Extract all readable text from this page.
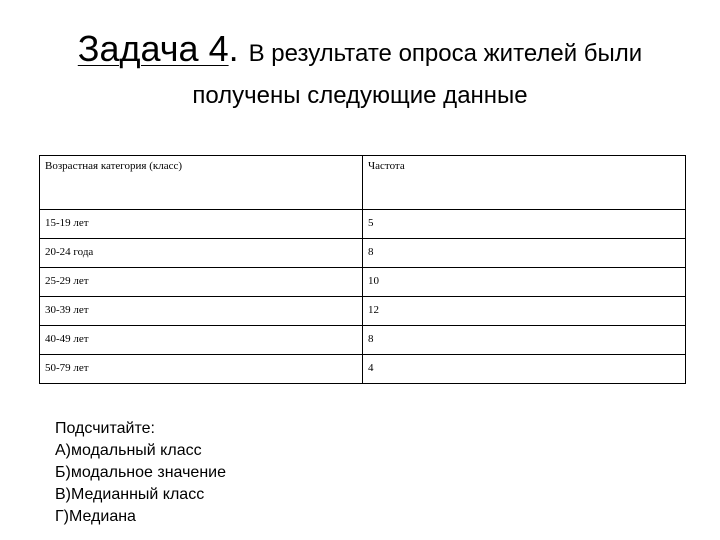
Задача 4. В результате опроса жителей были
получены следующие данные
Возрастная категория (класс)	Частота
15-19 лет	5
20-24 года	8
25-29 лет	10
30-39 лет	12
40-49 лет	8
50-79 лет	4
Подсчитайте:
А)модальный класс
Б)модальное значение
В)Медианный класс
Г)Медиана
